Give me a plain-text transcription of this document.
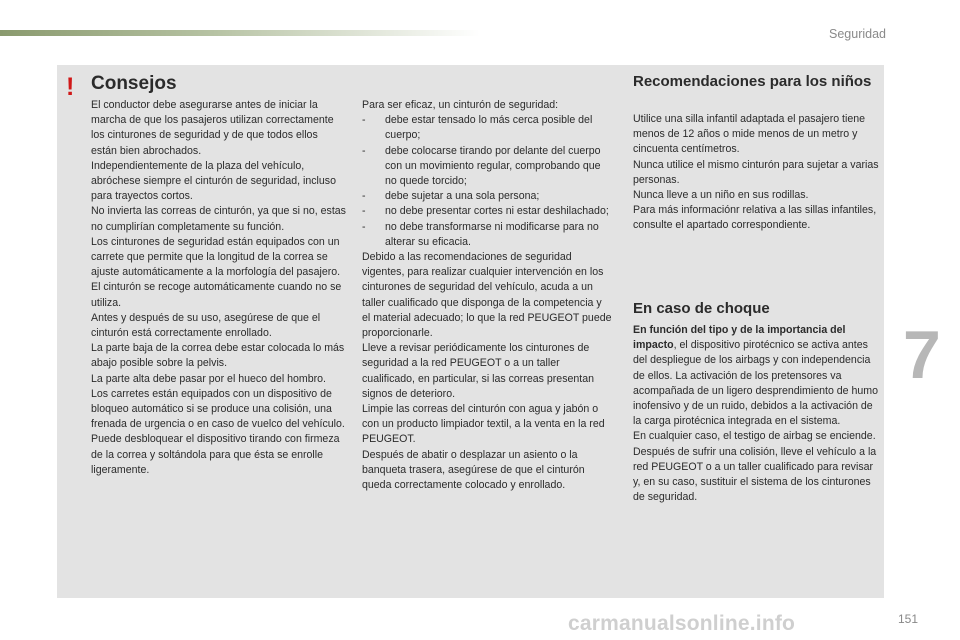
Seguridad
! Consejos

El conductor debe asegurarse antes de iniciar la marcha de que los pasajeros utilizan correctamente los cinturones de seguridad y de que todos ellos están bien abrochados.

Independientemente de la plaza del vehículo, abróchese siempre el cinturón de seguridad, incluso para trayectos cortos.

No invierta las correas de cinturón, ya que si no, estas no cumplirían completamente su función.

Los cinturones de seguridad están equipados con un carrete que permite que la longitud de la correa se ajuste automáticamente a la morfología del pasajero. El cinturón se recoge automáticamente cuando no se utiliza.

Antes y después de su uso, asegúrese de que el cinturón está correctamente enrollado.

La parte baja de la correa debe estar colocada lo más abajo posible sobre la pelvis.

La parte alta debe pasar por el hueco del hombro.

Los carretes están equipados con un dispositivo de bloqueo automático si se produce una colisión, una frenada de urgencia o en caso de vuelco del vehículo. Puede desbloquear el dispositivo tirando con firmeza de la correa y soltándola para que ésta se enrolle ligeramente.

Para ser eficaz, un cinturón de seguridad:

-	debe estar tensado lo más cerca posible del cuerpo;
-	debe colocarse tirando por delante del cuerpo con un movimiento regular, comprobando que no quede torcido;
-	debe sujetar a una sola persona;
-	no debe presentar cortes ni estar deshilachado;
-	no debe transformarse ni modificarse para no alterar su eficacia.

Debido a las recomendaciones de seguridad vigentes, para realizar cualquier intervención en los cinturones de seguridad del vehículo, acuda a un taller cualificado que disponga de la competencia y el material adecuado; lo que la red PEUGEOT puede proporcionarle.

Lleve a revisar periódicamente los cinturones de seguridad a la red PEUGEOT o a un taller cualificado, en particular, si las correas presentan signos de deterioro.

Limpie las correas del cinturón con agua y jabón o con un producto limpiador textil, a la venta en la red PEUGEOT.

Después de abatir o desplazar un asiento o la banqueta trasera, asegúrese de que el cinturón queda correctamente colocado y enrollado.

Recomendaciones para los niños

Utilice una silla infantil adaptada el pasajero tiene menos de 12 años o mide menos de un metro y cincuenta centímetros.

Nunca utilice el mismo cinturón para sujetar a varias personas.

Nunca lleve a un niño en sus rodillas.

Para más informaciónr relativa a las sillas infantiles, consulte el apartado correspondiente.

En caso de choque

En función del tipo y de la importancia del impacto, el dispositivo pirotécnico se activa antes del despliegue de los airbags y con independencia de ellos. La activación de los pretensores va acompañada de un ligero desprendimiento de humo inofensivo y de un ruido, debidos a la activación de la carga pirotécnica integrada en el sistema.

En cualquier caso, el testigo de airbag se enciende.

Después de sufrir una colisión, lleve el vehículo a la red PEUGEOT o a un taller cualificado para revisar y, en su caso, sustituir el sistema de los cinturones de seguridad.

7
carmanualsonline.info	151
